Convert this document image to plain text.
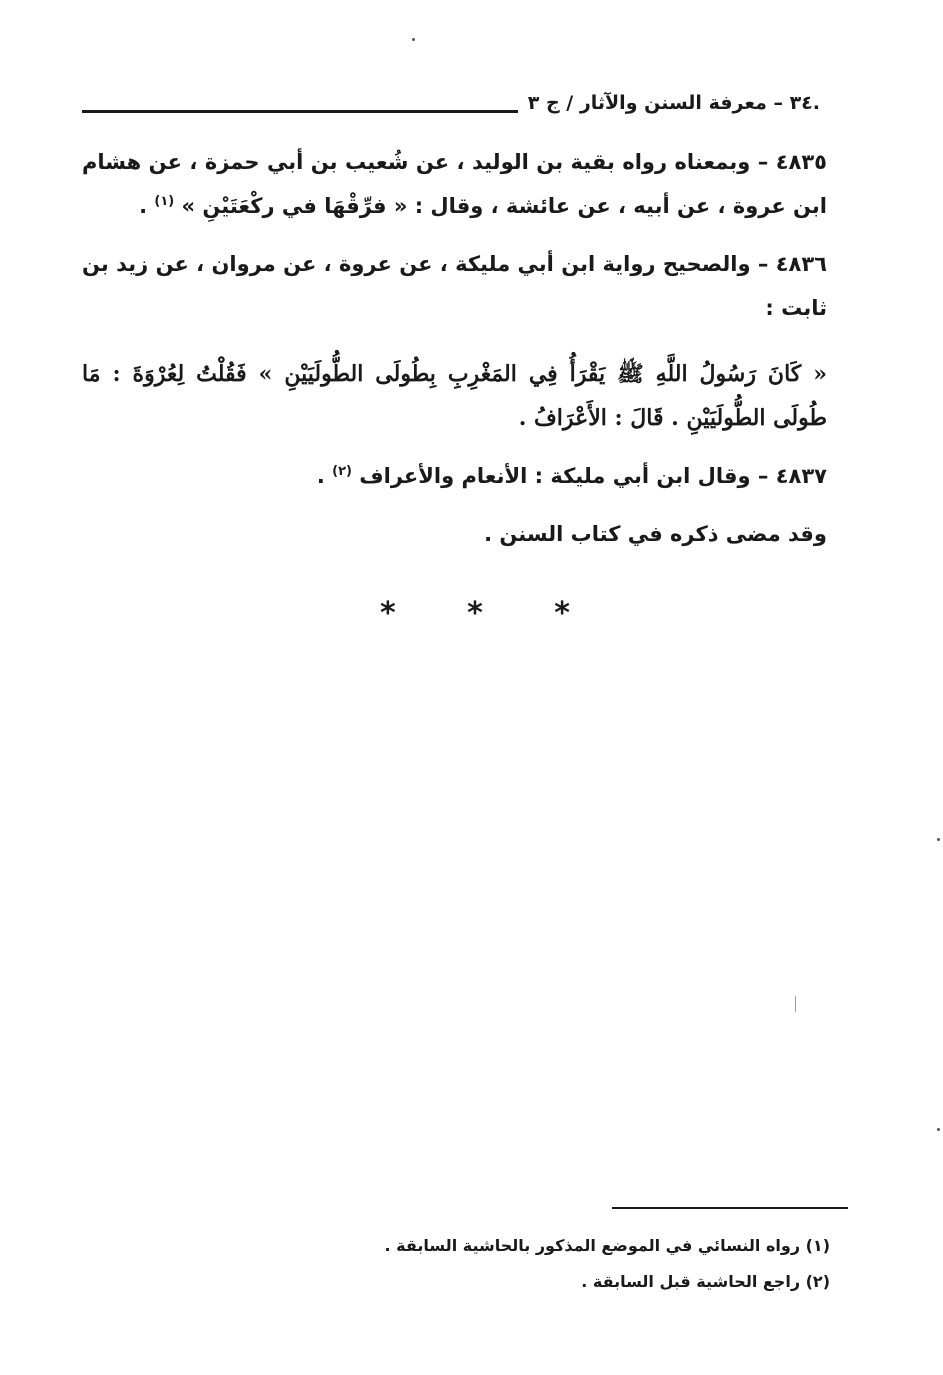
.٣٤ – معرفة السنن والآثار / ج ٣

٤٨٣٥ – وبمعناه رواه بقية بن الوليد ، عن شُعيب بن أبي حمزة ، عن هشام ابن عروة ، عن أبيه ، عن عائشة ، وقال : « فرِّقْهَا في ركْعَتَيْنِ » $^{(١)}$ .

٤٨٣٦ – والصحيح رواية ابن أبي مليكة ، عن عروة ، عن مروان ، عن زيد بن ثابت :

« كَانَ رَسُولُ اللَّهِ ﷺ يَقْرَأُ فِي المَغْرِبِ بِطُولَى الطُّولَيَيْنِ » فَقُلْتُ لِعُرْوَةَ : مَا طُولَى الطُّولَيَيْنِ . قَالَ : الأَعْرَافُ .

٤٨٣٧ – وقال ابن أبي مليكة : الأنعام والأعراف $^{(٢)}$ .

وقد مضى ذكره في كتاب السنن .

* * *
(١) رواه النسائي في الموضع المذكور بالحاشية السابقة .
(٢) راجع الحاشية قبل السابقة .
